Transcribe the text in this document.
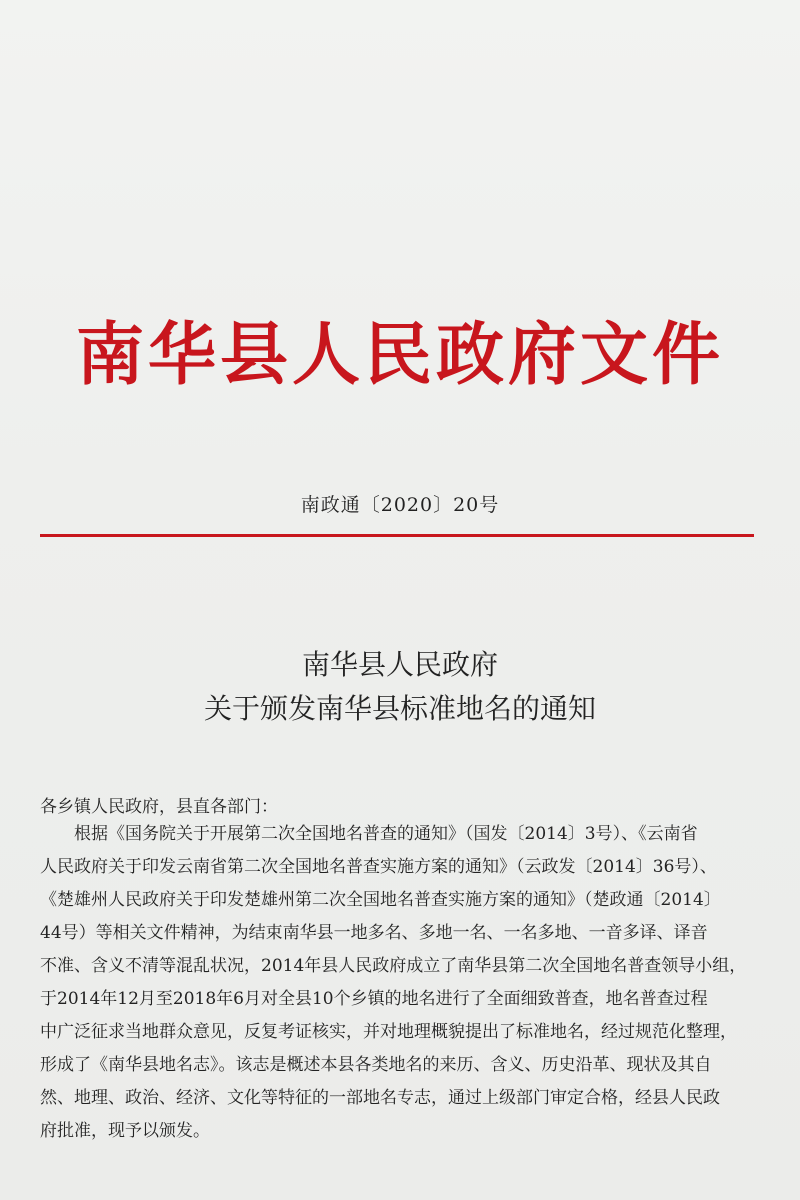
南华县人民政府文件
南政通〔2020〕20号
南华县人民政府
关于颁发南华县标准地名的通知
各乡镇人民政府，县直各部门：
根据《国务院关于开展第二次全国地名普查的通知》（国发〔2014〕3号）、《云南省
人民政府关于印发云南省第二次全国地名普查实施方案的通知》（云政发〔2014〕36号）、
《楚雄州人民政府关于印发楚雄州第二次全国地名普查实施方案的通知》（楚政通〔2014〕
44号）等相关文件精神，为结束南华县一地多名、多地一名、一名多地、一音多译、译音
不准、含义不清等混乱状况，2014年县人民政府成立了南华县第二次全国地名普查领导小组，
于2014年12月至2018年6月对全县10个乡镇的地名进行了全面细致普查，地名普查过程
中广泛征求当地群众意见，反复考证核实，并对地理概貌提出了标准地名，经过规范化整理，
形成了《南华县地名志》。该志是概述本县各类地名的来历、含义、历史沿革、现状及其自
然、地理、政治、经济、文化等特征的一部地名专志，通过上级部门审定合格，经县人民政
府批准，现予以颁发。
